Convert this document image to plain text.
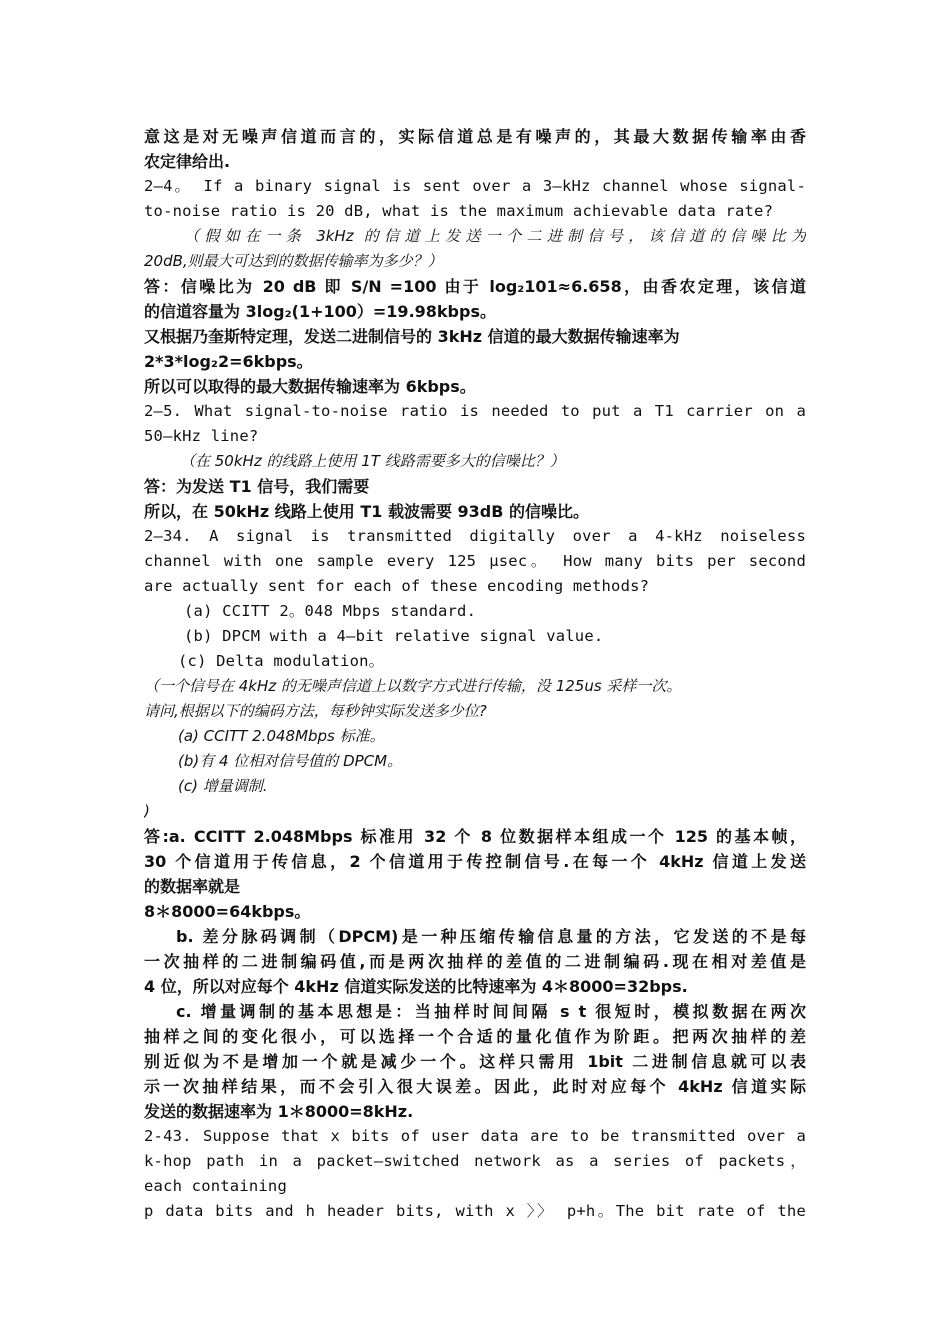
意这是对无噪声信道而言的，实际信道总是有噪声的，其最大数据传输率由香
农定律给出.
2—4。 If a binary signal is sent over a 3—kHz channel whose signal-
to-noise ratio is 20 dB, what is the maximum achievable data rate?
（假如在一条 3kHz 的信道上发送一个二进制信号，该信道的信噪比为
20dB,则最大可达到的数据传输率为多少？）
答：信噪比为 20 dB 即 S/N =100 由于 log₂101≈6.658，由香农定理，该信道
的信道容量为 3log₂(1+100）=19.98kbps。
又根据乃奎斯特定理，发送二进制信号的 3kHz 信道的最大数据传输速率为
2*3*log₂2=6kbps。
所以可以取得的最大数据传输速率为 6kbps。
2—5. What signal-to-noise ratio is needed to put a T1 carrier on a
50—kHz line?
（在 50kHz 的线路上使用 1T 线路需要多大的信噪比？）
答：为发送 T1 信号，我们需要
所以，在 50kHz 线路上使用 T1 载波需要 93dB 的信噪比。
2—34. A signal is transmitted digitally over a 4-kHz noiseless
channel with one sample every 125 µsec。 How many bits per second
are actually sent for each of these encoding methods?
(a) CCITT 2。048 Mbps standard.
(b) DPCM with a 4—bit relative signal value.
(c) Delta modulation。
（一个信号在 4kHz 的无噪声信道上以数字方式进行传输，没 125us 采样一次。
请问,根据以下的编码方法，每秒钟实际发送多少位?
(a) CCITT 2.048Mbps 标准。
(b)有 4 位相对信号值的 DPCM。
(c) 增量调制.
)
答:a. CCITT 2.048Mbps 标准用 32 个 8 位数据样本组成一个 125 的基本帧，
30 个信道用于传信息，2 个信道用于传控制信号.在每一个 4kHz 信道上发送
的数据率就是
8＊8000=64kbps。
b. 差分脉码调制（DPCM)是一种压缩传输信息量的方法，它发送的不是每
一次抽样的二进制编码值,而是两次抽样的差值的二进制编码.现在相对差值是
4 位，所以对应每个 4kHz 信道实际发送的比特速率为 4＊8000=32bps.
c. 增量调制的基本思想是：当抽样时间间隔 s t 很短时，模拟数据在两次
抽样之间的变化很小，可以选择一个合适的量化值作为阶距。把两次抽样的差
别近似为不是增加一个就是减少一个。这样只需用 1bit 二进制信息就可以表
示一次抽样结果，而不会引入很大误差。因此，此时对应每个 4kHz 信道实际
发送的数据速率为 1＊8000=8kHz.
2-43. Suppose that x bits of user data are to be transmitted over a
k-hop path in a packet—switched network as a series of packets，
each containing
p data bits and h header bits, with x 〉〉 p+h。The bit rate of the
